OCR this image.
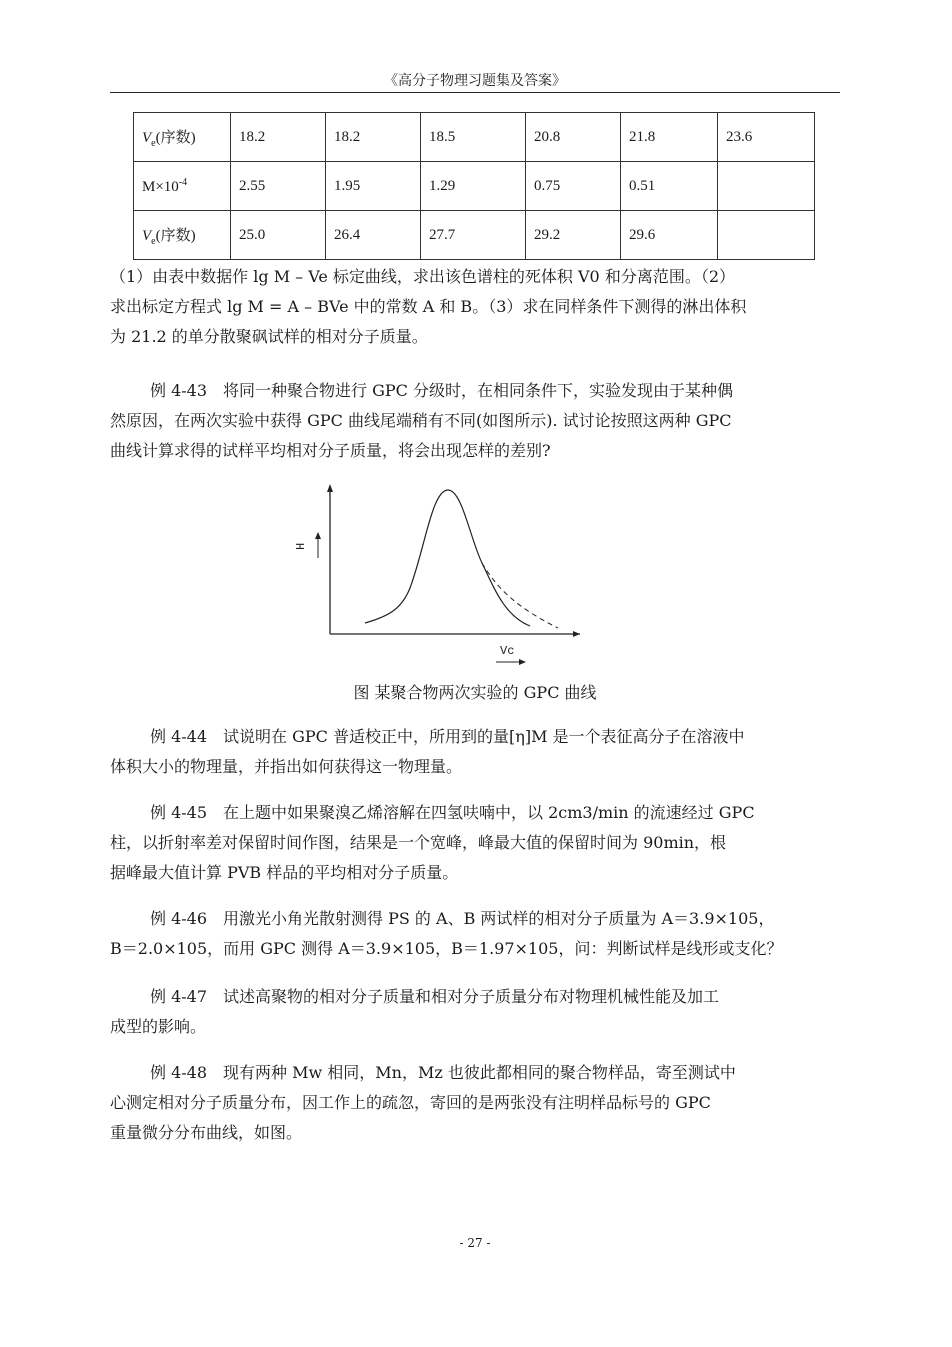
《高分子物理习题集及答案》
$V_e$(序数)	18.2	18.2	18.5	20.8	21.8	23.6
$M\times 10^{-4}$	2.55	1.95	1.29	0.75	0.51	
$V_e$(序数)	25.0	26.4	27.7	29.2	29.6	
（1）由表中数据作 lg M – Ve 标定曲线，求出该色谱柱的死体积 V0 和分离范围。（2）
求出标定方程式 lg M = A – BVe 中的常数 A 和 B。（3）求在同样条件下测得的淋出体积
为 21.2 的单分散聚砜试样的相对分子质量。
例 4-43　将同一种聚合物进行 GPC 分级时，在相同条件下，实验发现由于某种偶
然原因，在两次实验中获得 GPC 曲线尾端稍有不同(如图所示). 试讨论按照这两种 GPC
曲线计算求得的试样平均相对分子质量，将会出现怎样的差别?
H
Vc
图 某聚合物两次实验的 GPC 曲线
例 4-44　试说明在 GPC 普适校正中，所用到的量[η]M 是一个表征高分子在溶液中
体积大小的物理量，并指出如何获得这一物理量。
例 4-45　在上题中如果聚溴乙烯溶解在四氢呋喃中，以 2cm3/min 的流速经过 GPC
柱，以折射率差对保留时间作图，结果是一个宽峰，峰最大值的保留时间为 90min，根
据峰最大值计算 PVB 样品的平均相对分子质量。
例 4-46　用激光小角光散射测得 PS 的 A、B 两试样的相对分子质量为 A＝3.9×105，
B＝2.0×105，而用 GPC 测得 A＝3.9×105，B＝1.97×105，问：判断试样是线形或支化？
例 4-47　试述高聚物的相对分子质量和相对分子质量分布对物理机械性能及加工
成型的影响。
例 4-48　现有两种 Mw 相同，Mn，Mz 也彼此都相同的聚合物样品，寄至测试中
心测定相对分子质量分布，因工作上的疏忽，寄回的是两张没有注明样品标号的 GPC
重量微分分布曲线，如图。
- 27 -
